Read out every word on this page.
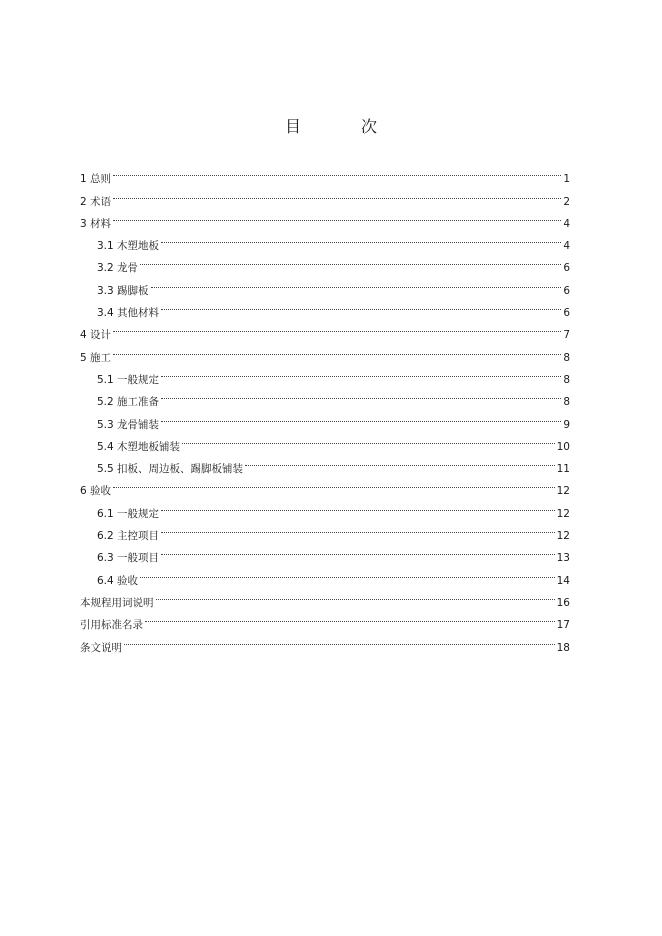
目　次
1 总则	1
2 术语	2
3 材料	4
3.1 木塑地板	4
3.2 龙骨	6
3.3 踢脚板	6
3.4 其他材料	6
4 设计	7
5 施工	8
5.1 一般规定	8
5.2 施工准备	8
5.3 龙骨铺装	9
5.4 木塑地板铺装	10
5.5 扣板、周边板、踢脚板铺装	11
6 验收	12
6.1 一般规定	12
6.2 主控项目	12
6.3 一般项目	13
6.4 验收	14
本规程用词说明	16
引用标准名录	17
条文说明	18
